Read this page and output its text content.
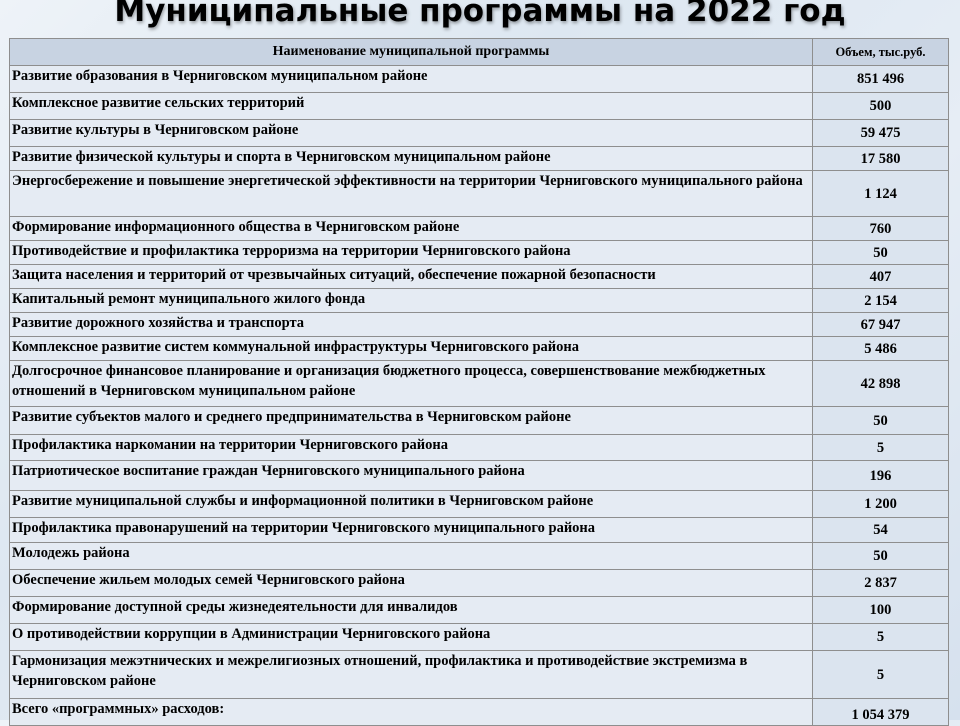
Муниципальные программы на 2022 год
Наименование муниципальной программы	Объем, тыс.руб.
Развитие образования в Черниговском муниципальном районе	851 496
Комплексное развитие сельских территорий	500
Развитие культуры в Черниговском районе	59 475
Развитие физической культуры и спорта в Черниговском муниципальном районе	17 580
Энергосбережение и повышение энергетической эффективности на территории Черниговского муниципального района	1 124
Формирование информационного общества в Черниговском районе	760
Противодействие и профилактика терроризма на территории Черниговского района	50
Защита населения и территорий от чрезвычайных ситуаций, обеспечение пожарной безопасности	407
Капитальный ремонт муниципального жилого фонда	2 154
Развитие дорожного хозяйства и транспорта	67 947
Комплексное развитие систем коммунальной инфраструктуры Черниговского района	5 486
Долгосрочное финансовое планирование и организация бюджетного процесса, совершенствование межбюджетных отношений в Черниговском муниципальном районе	42 898
Развитие субъектов малого и среднего предпринимательства в Черниговском районе	50
Профилактика наркомании на территории Черниговского района	5
Патриотическое воспитание граждан Черниговского муниципального района	196
Развитие муниципальной службы и информационной политики в Черниговском районе	1 200
Профилактика правонарушений на территории Черниговского муниципального района	54
Молодежь района	50
Обеспечение жильем молодых семей Черниговского района	2 837
Формирование доступной среды жизнедеятельности для инвалидов	100
О противодействии коррупции в Администрации Черниговского района	5
Гармонизация межэтнических и межрелигиозных отношений, профилактика и противодействие экстремизма в Черниговском районе	5
Всего «программных» расходов:	1 054 379
